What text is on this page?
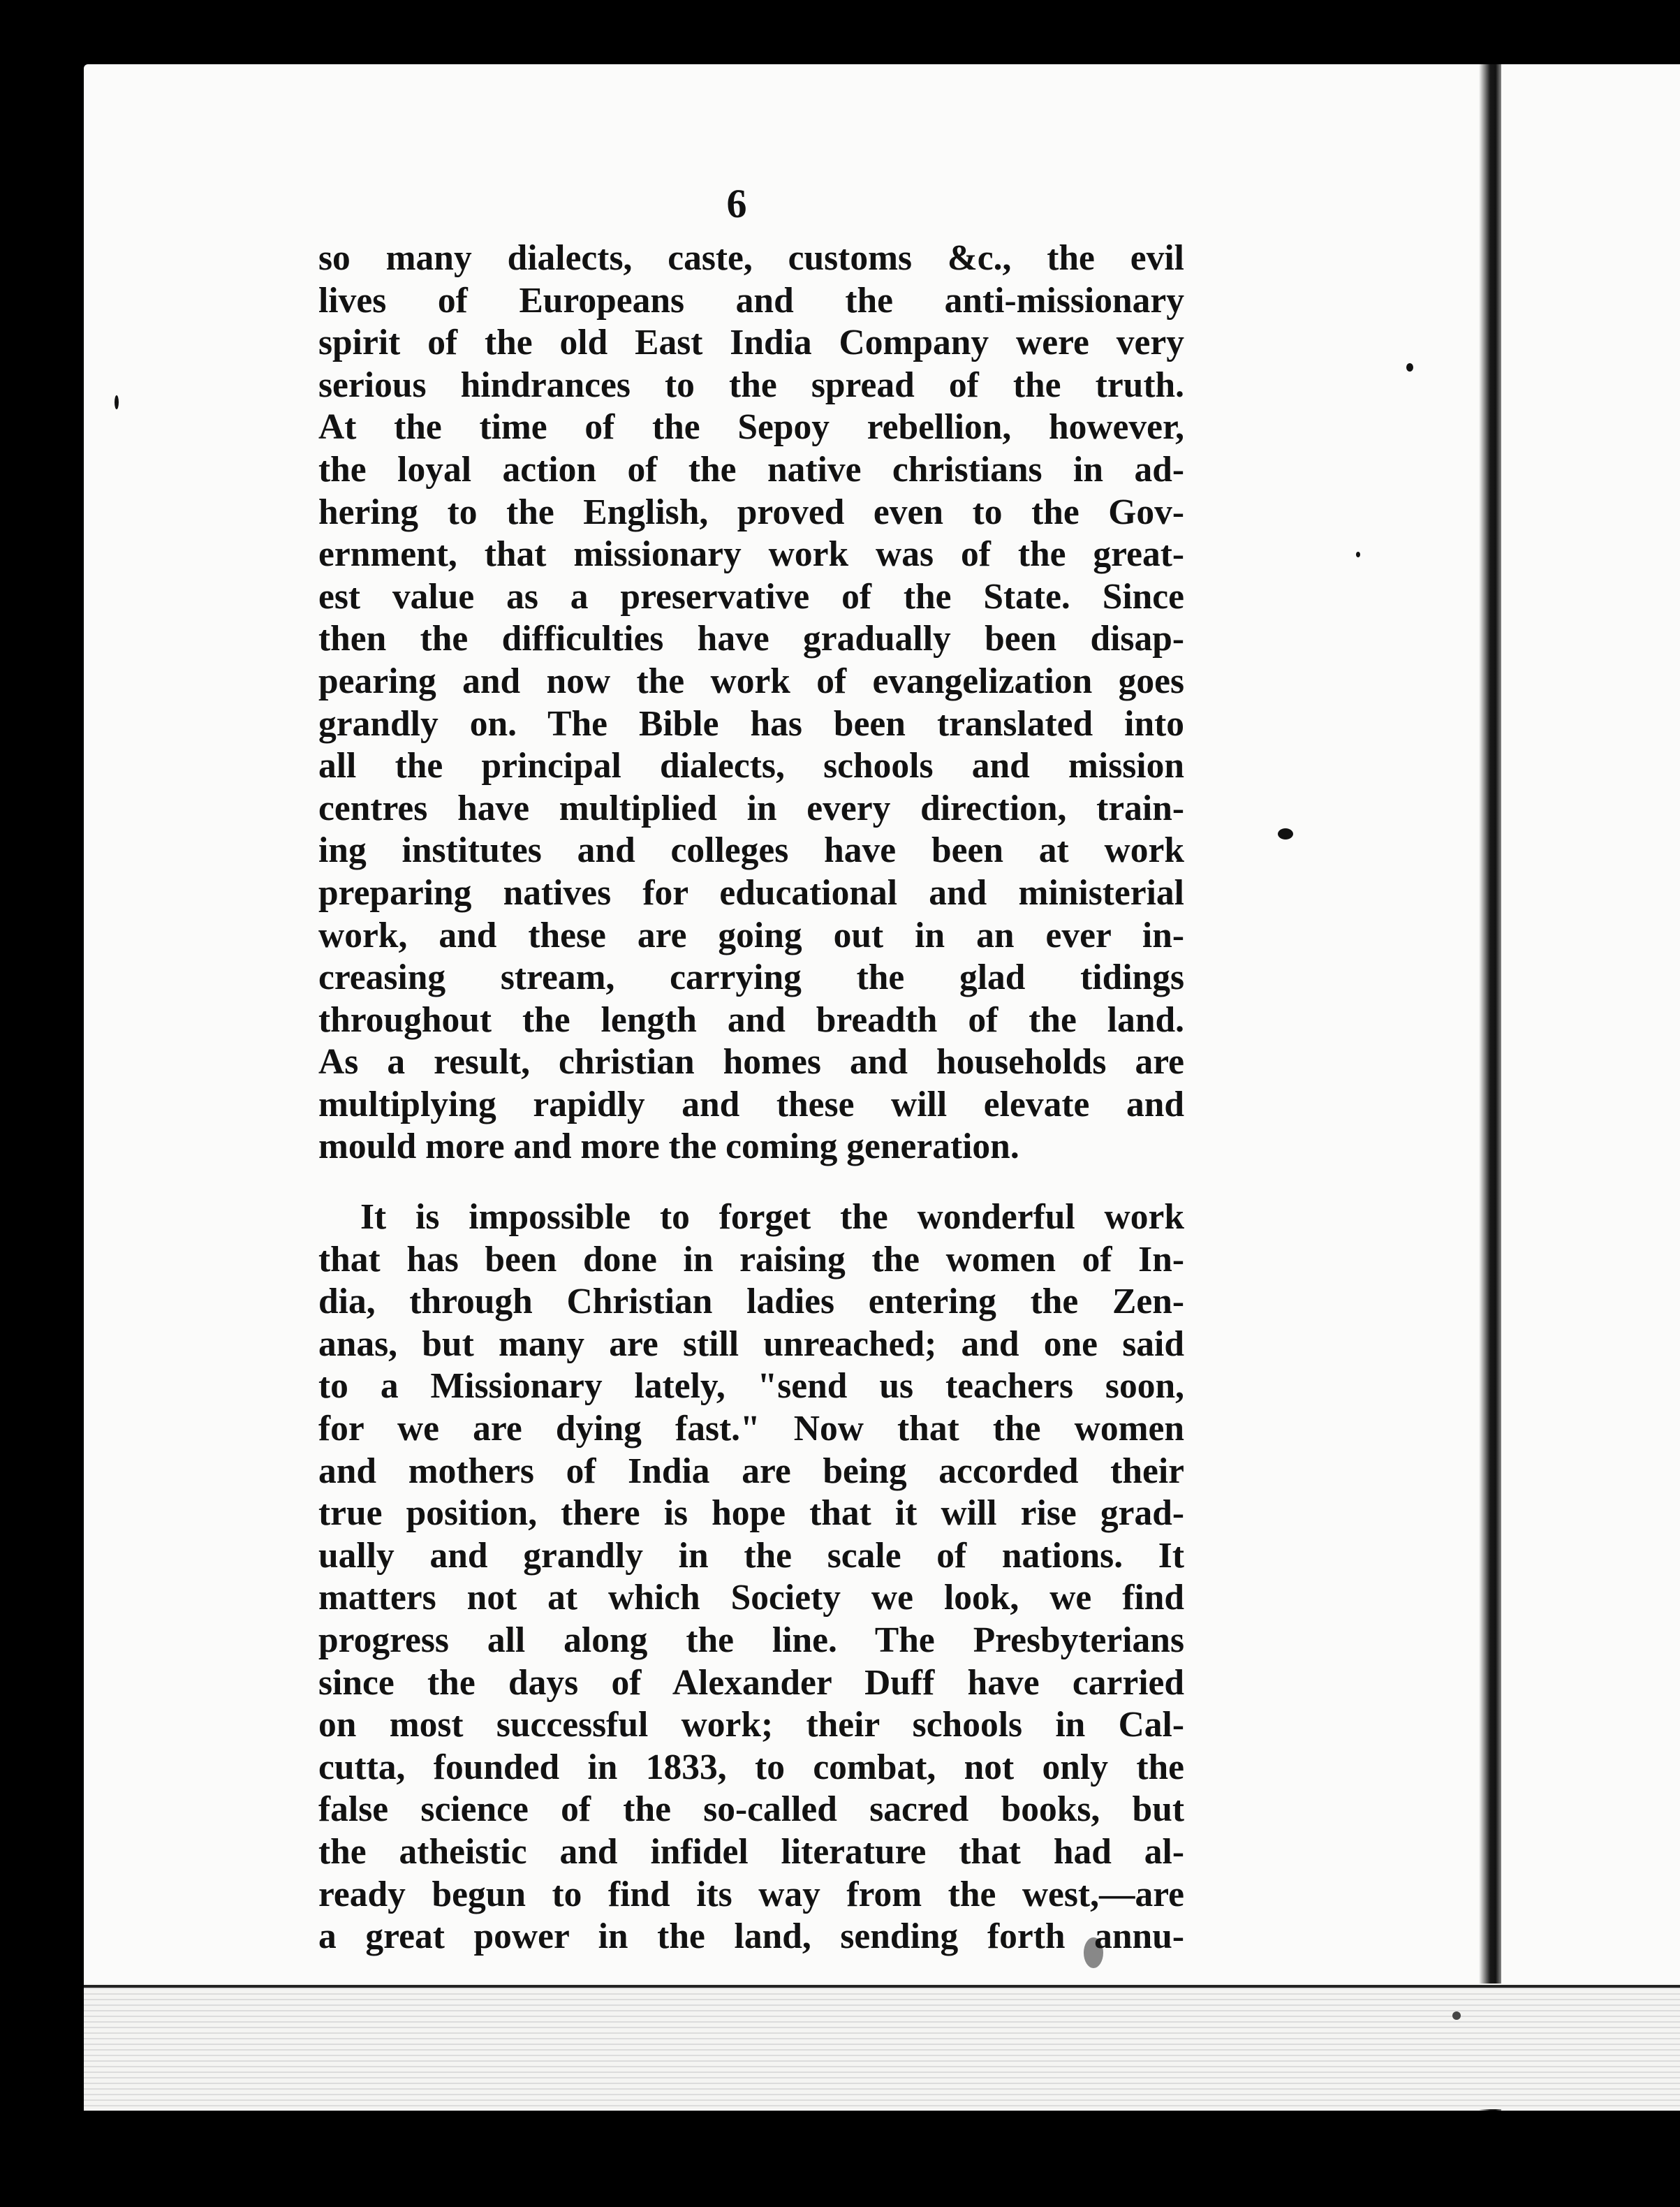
6
so many dialects, caste, customs &c., the evil
lives of Europeans and the anti-missionary
spirit of the old East India Company were very
serious hindrances to the spread of the truth.
At the time of the Sepoy rebellion, however,
the loyal action of the native christians in ad-
hering to the English, proved even to the Gov-
ernment, that missionary work was of the great-
est value as a preservative of the State. Since
then the difficulties have gradually been disap-
pearing and now the work of evangelization goes
grandly on. The Bible has been translated into
all the principal dialects, schools and mission
centres have multiplied in every direction, train-
ing institutes and colleges have been at work
preparing natives for educational and ministerial
work, and these are going out in an ever in-
creasing stream, carrying the glad tidings
throughout the length and breadth of the land.
As a result, christian homes and households are
multiplying rapidly and these will elevate and
mould more and more the coming generation.
It is impossible to forget the wonderful work
that has been done in raising the women of In-
dia, through Christian ladies entering the Zen-
anas, but many are still unreached; and one said
to a Missionary lately, "send us teachers soon,
for we are dying fast." Now that the women
and mothers of India are being accorded their
true position, there is hope that it will rise grad-
ually and grandly in the scale of nations. It
matters not at which Society we look, we find
progress all along the line. The Presbyterians
since the days of Alexander Duff have carried
on most successful work; their schools in Cal-
cutta, founded in 1833, to combat, not only the
false science of the so-called sacred books, but
the atheistic and infidel literature that had al-
ready begun to find its way from the west,—are
a great power in the land, sending forth annu-
